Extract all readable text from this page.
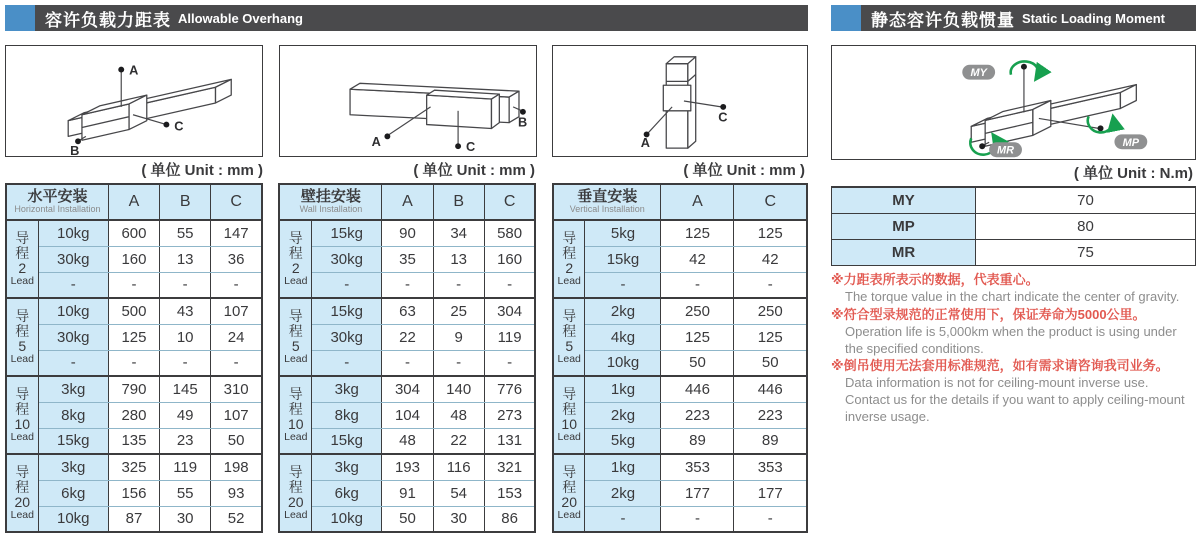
容许负载力距表 Allowable Overhang
A
B
C
A
B
C	A
C
( 单位 Unit : mm )	( 单位 Unit : mm )	( 单位 Unit : mm )
水平安装
Horizontal Installation		A	B	C

导
程
2
Lead	10kg	600	55	147
	30kg	160	13	36
	-	-	-	-

导
程
5
Lead	10kg	500	43	107
	30kg	125	10	24
	-	-	-	-

导
程
10
Lead	3kg	790	145	310
	8kg	280	49	107
	15kg	135	23	50

导
程
20
Lead	3kg	325	119	198
	6kg	156	55	93
	10kg	87	30	52
壁挂安装
Wall Installation		A	B	C

导
程
2
Lead	15kg	90	34	580
	30kg	35	13	160
	-	-	-	-

导
程
5
Lead	15kg	63	25	304
	30kg	22	9	119
	-	-	-	-

导
程
10
Lead	3kg	304	140	776
	8kg	104	48	273
	15kg	48	22	131

导
程
20
Lead	3kg	193	116	321
	6kg	91	54	153
	10kg	50	30	86
垂直安装
Vertical Installation		A	C

导
程
2
Lead	5kg	125	125
	15kg	42	42
	-	-	-

导
程
5
Lead	2kg	250	250
	4kg	125	125
	10kg	50	50

导
程
10
Lead	1kg	446	446
	2kg	223	223
	5kg	89	89

导
程
20
Lead	1kg	353	353
	2kg	177	177
	-	-	-
静态容许负载惯量 Static Loading Moment
MY
MP
MR
( 单位 Unit : N.m)
MY	70
MP	80
MR	75
※力距表所表示的数据，代表重心。
The torque value in the chart indicate the center of gravity.
※符合型录规范的正常使用下，保证寿命为5000公里。
Operation life is 5,000km when the product is using under the specified conditions.
※倒吊使用无法套用标准规范，如有需求请咨询我司业务。
Data information is not for ceiling-mount inverse use. Contact us for the details if you want to apply ceiling-mount inverse usage.
